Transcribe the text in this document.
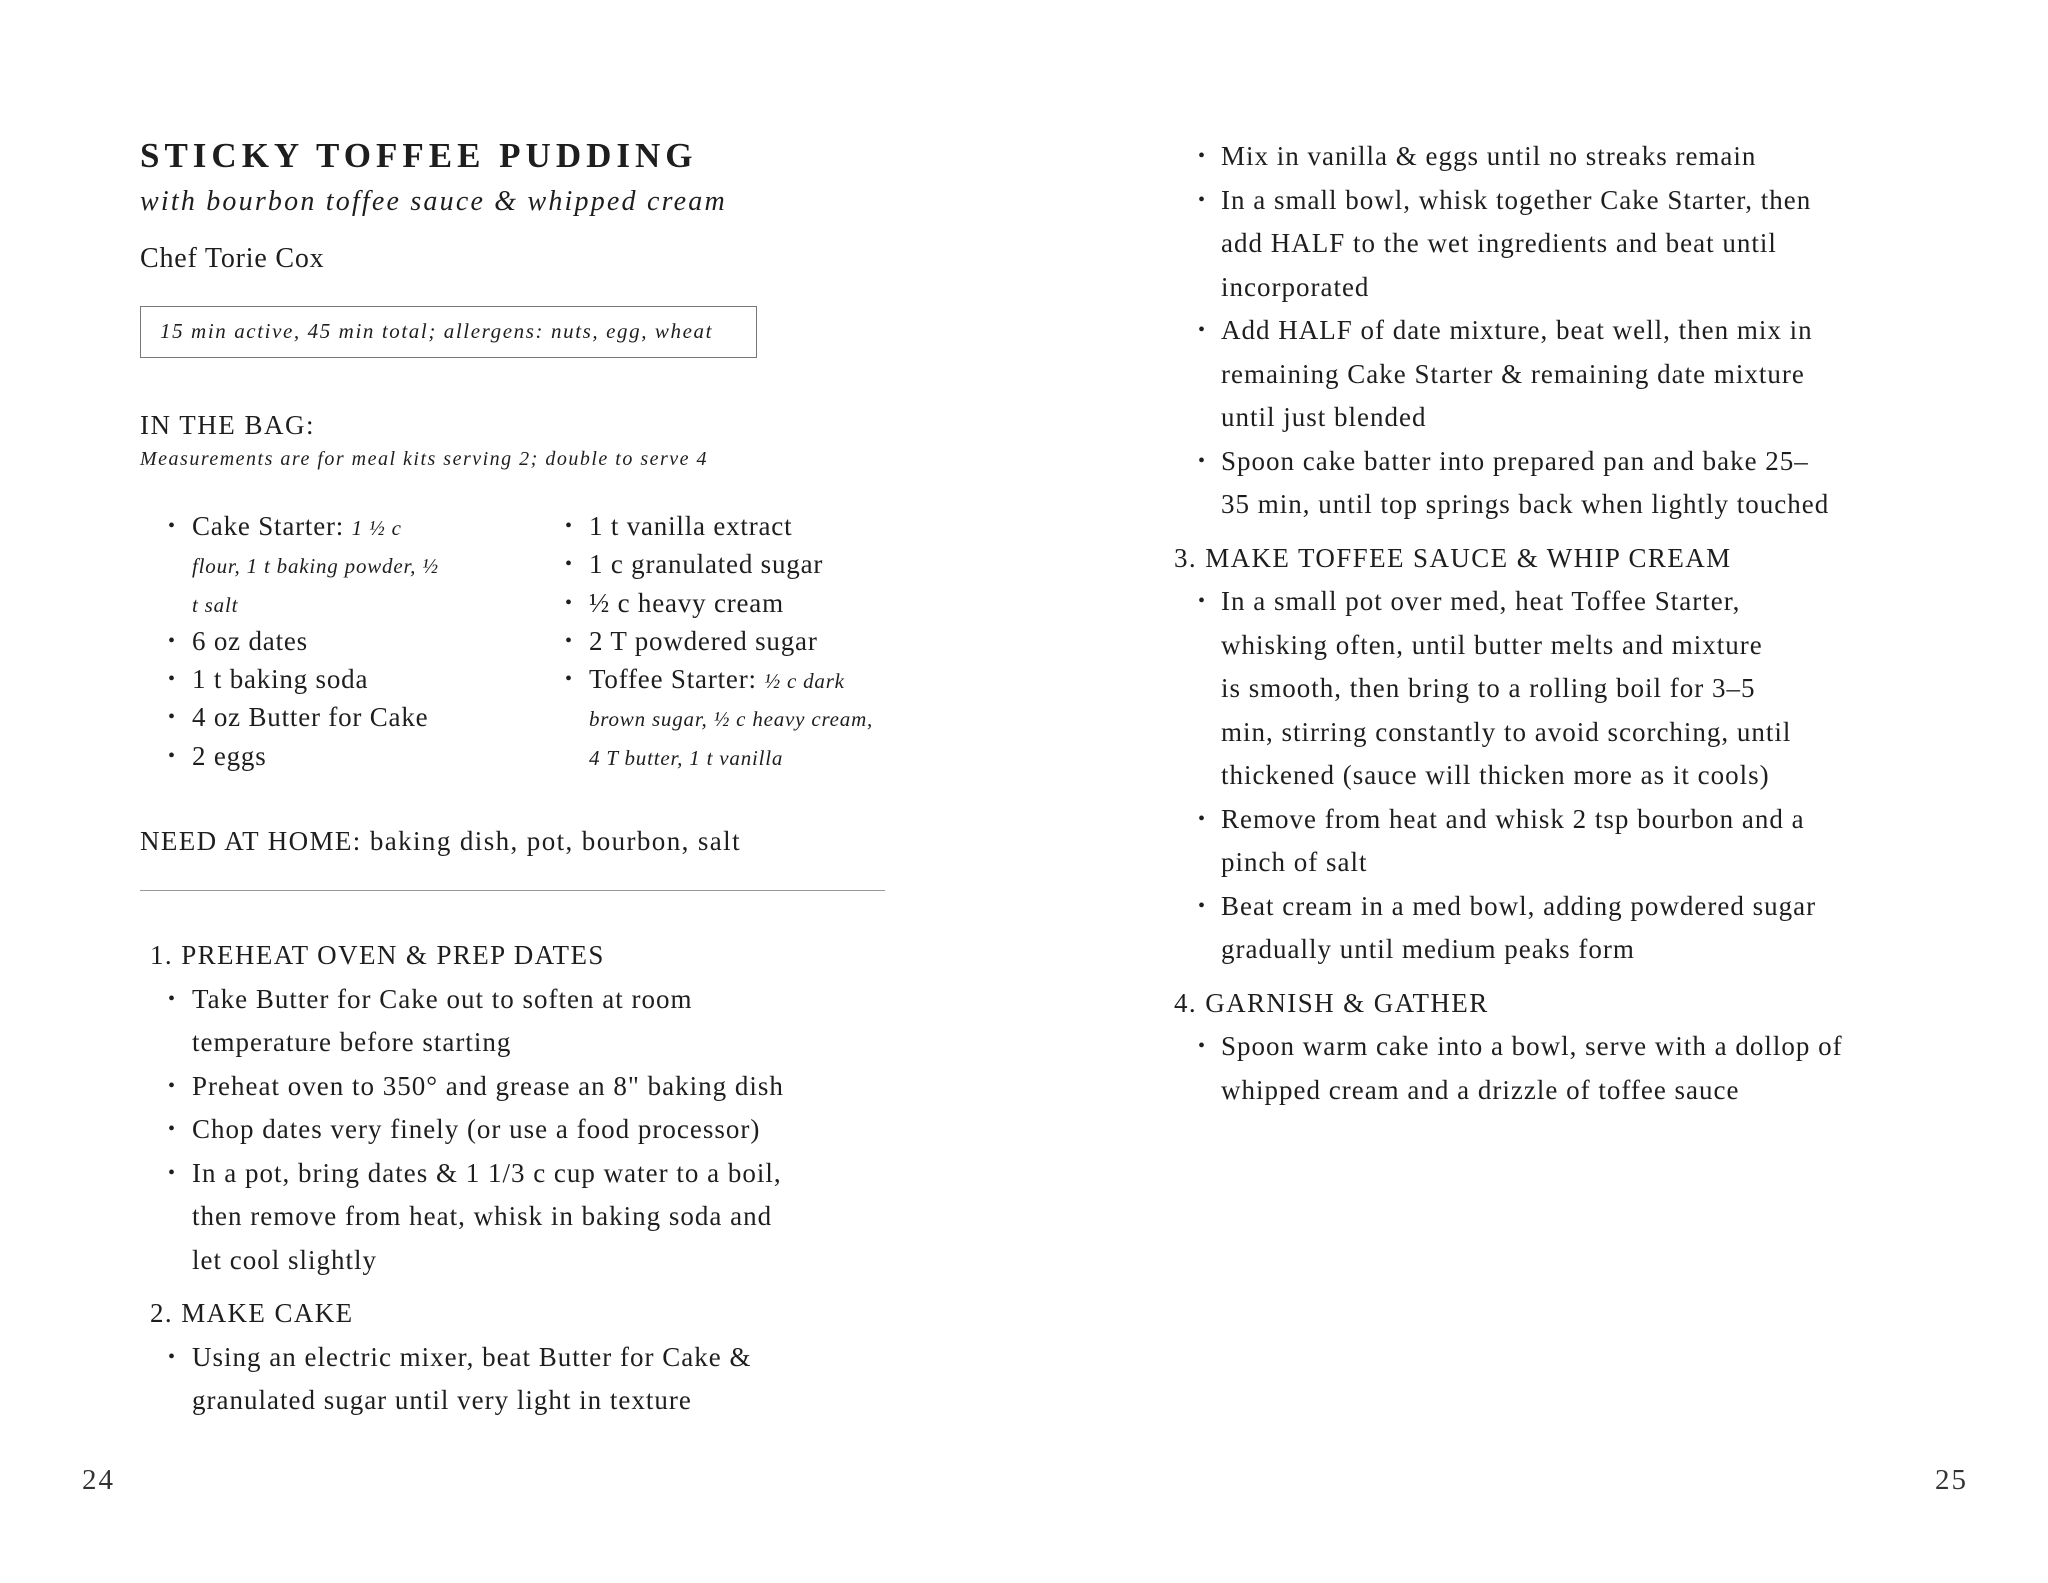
STICKY TOFFEE PUDDING
with bourbon toffee sauce & whipped cream
Chef Torie Cox
15 min active, 45 min total; allergens: nuts, egg, wheat
IN THE BAG:
Measurements are for meal kits serving 2; double to serve 4
• Cake Starter: 1 ½ c
flour, 1 t baking powder, ½
t salt
• 6 oz dates
• 1 t baking soda
• 4 oz Butter for Cake
• 2 eggs
• 1 t vanilla extract
• 1 c granulated sugar
• ½ c heavy cream
• 2 T powdered sugar
• Toffee Starter: ½ c dark
brown sugar, ½ c heavy cream,
4 T butter, 1 t vanilla
NEED AT HOME: baking dish, pot, bourbon, salt
1. PREHEAT OVEN & PREP DATES
• Take Butter for Cake out to soften at room
temperature before starting
• Preheat oven to 350° and grease an 8" baking dish
• Chop dates very finely (or use a food processor)
• In a pot, bring dates & 1 1/3 c cup water to a boil,
then remove from heat, whisk in baking soda and
let cool slightly
2. MAKE CAKE
• Using an electric mixer, beat Butter for Cake &
granulated sugar until very light in texture
• Mix in vanilla & eggs until no streaks remain
• In a small bowl, whisk together Cake Starter, then
add HALF to the wet ingredients and beat until
incorporated
• Add HALF of date mixture, beat well, then mix in
remaining Cake Starter & remaining date mixture
until just blended
• Spoon cake batter into prepared pan and bake 25–
35 min, until top springs back when lightly touched
3. MAKE TOFFEE SAUCE & WHIP CREAM
• In a small pot over med, heat Toffee Starter,
whisking often, until butter melts and mixture
is smooth, then bring to a rolling boil for 3–5
min, stirring constantly to avoid scorching, until
thickened (sauce will thicken more as it cools)
• Remove from heat and whisk 2 tsp bourbon and a
pinch of salt
• Beat cream in a med bowl, adding powdered sugar
gradually until medium peaks form
4. GARNISH & GATHER
• Spoon warm cake into a bowl, serve with a dollop of
whipped cream and a drizzle of toffee sauce
24	25
